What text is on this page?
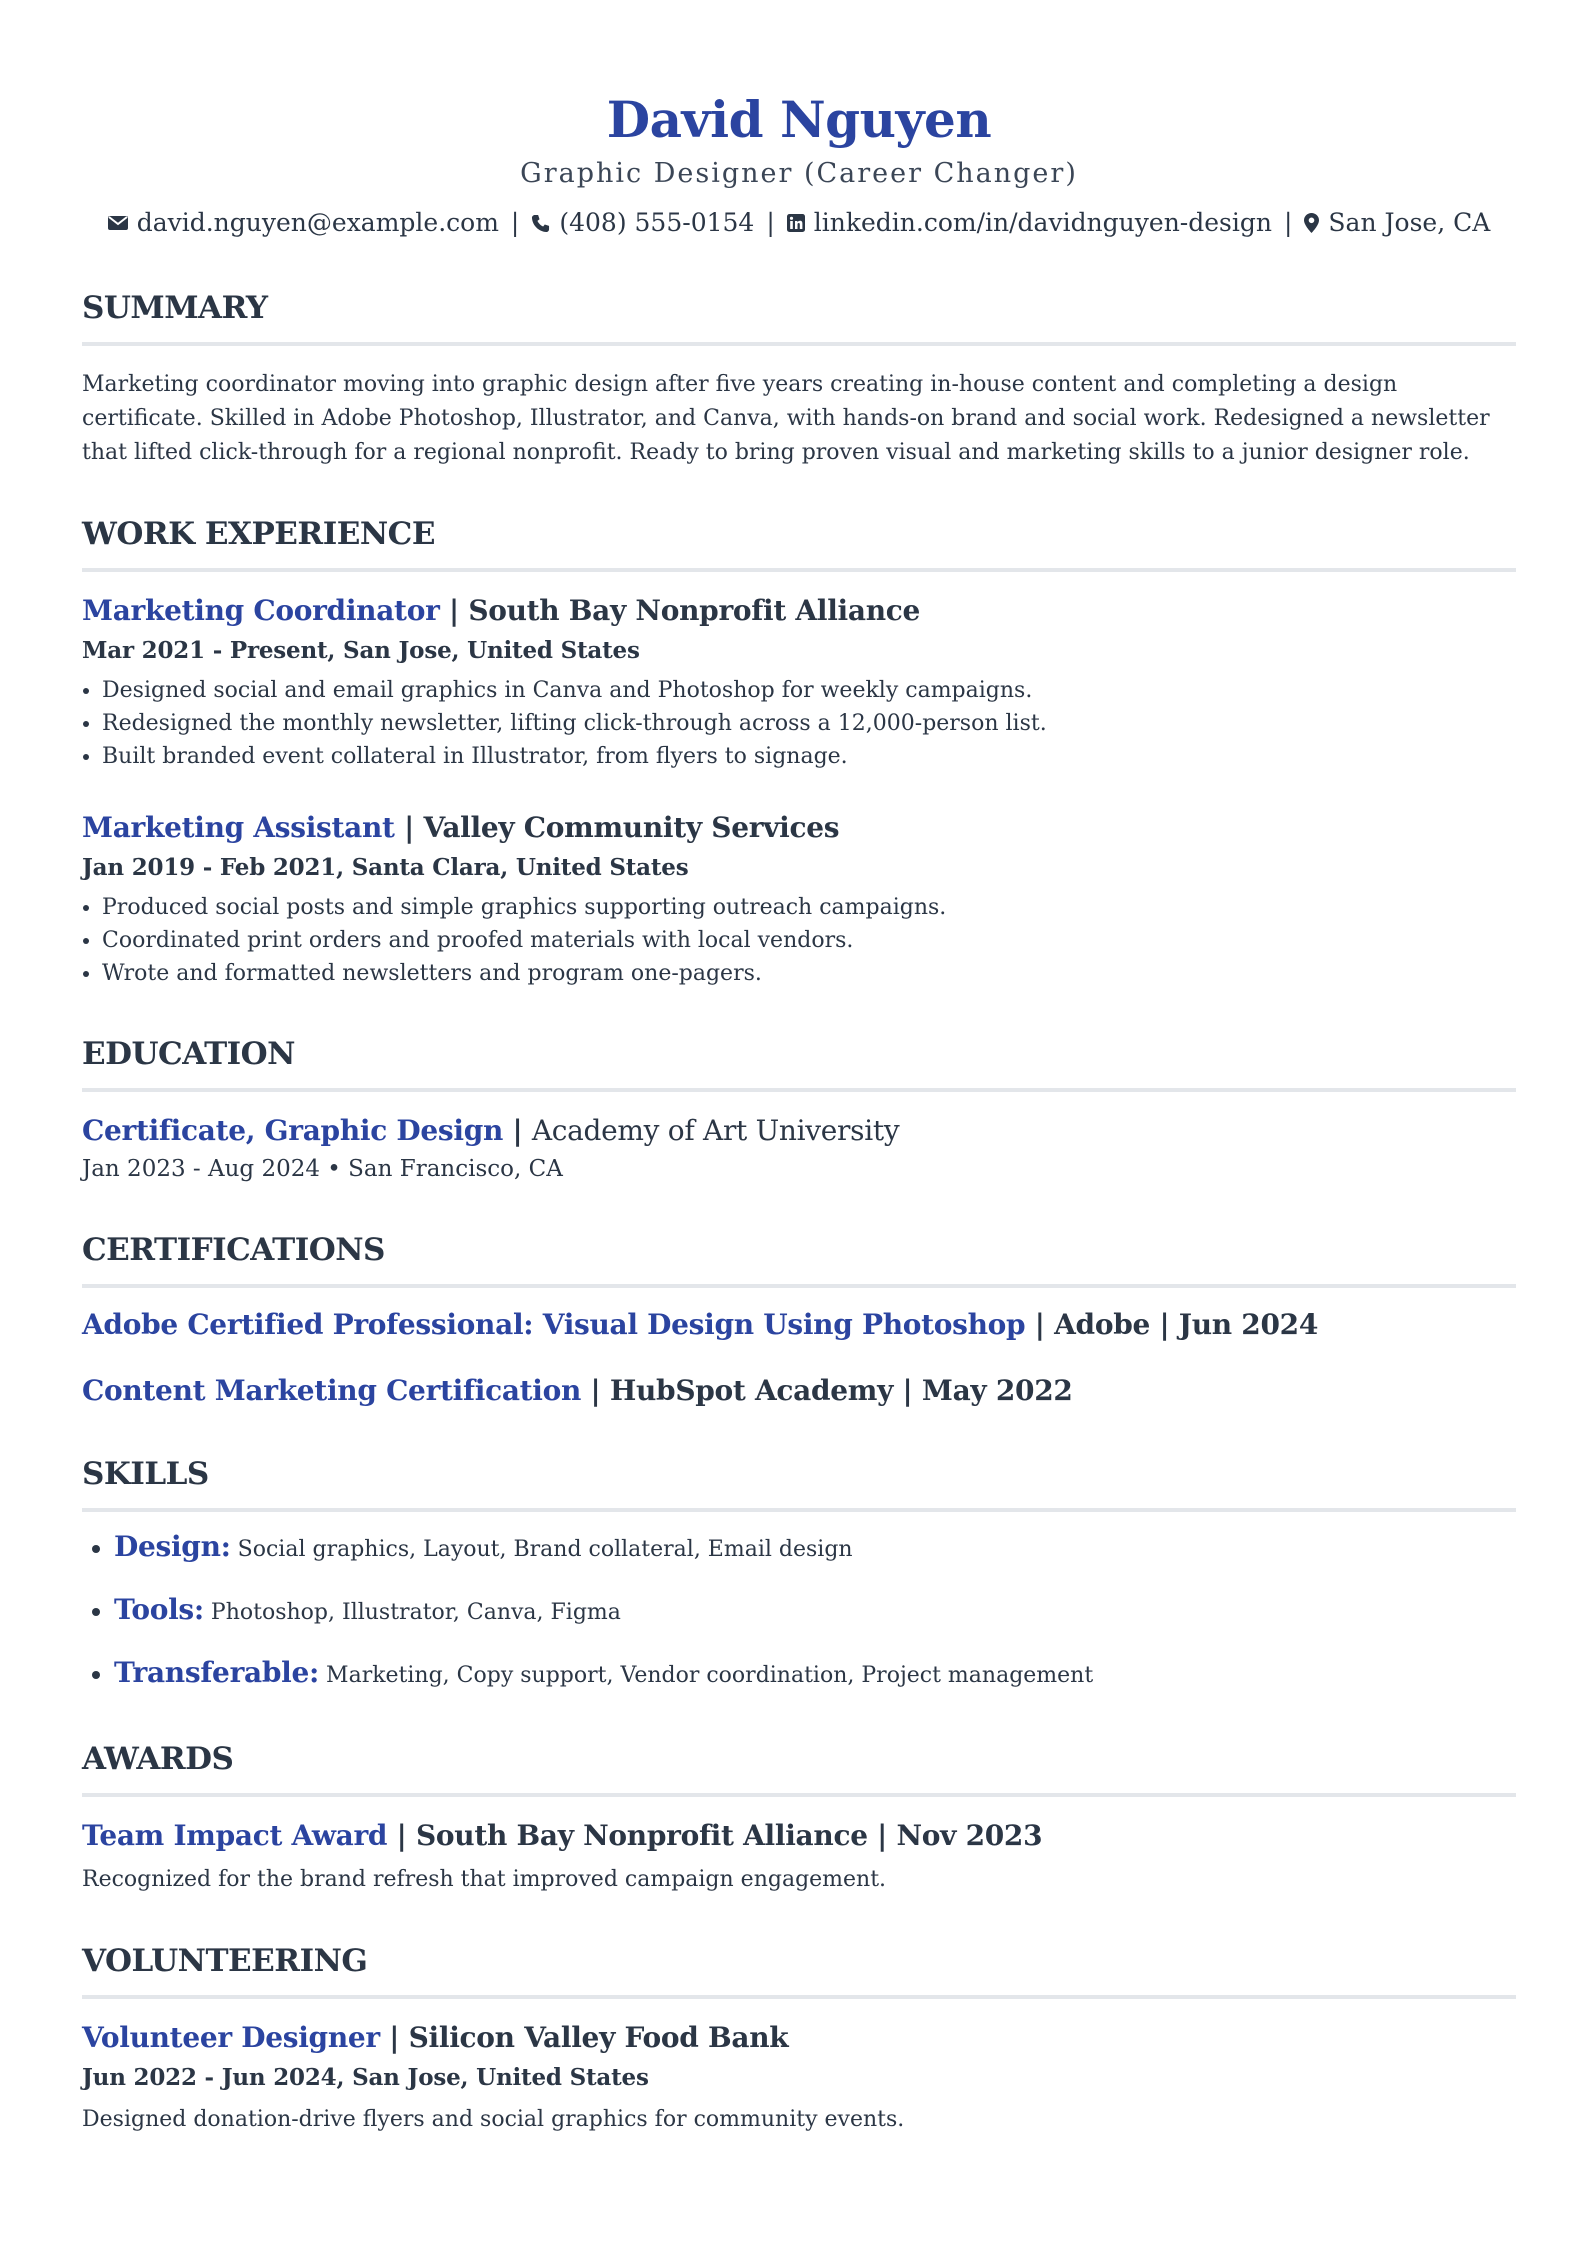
David Nguyen
Graphic Designer (Career Changer)
david.nguyen@example.com | (408) 555-0154 | linkedin.com/in/davidnguyen-design | San Jose, CA
SUMMARY

Marketing coordinator moving into graphic design after five years creating in-house content and completing a design certificate. Skilled in Adobe Photoshop, Illustrator, and Canva, with hands-on brand and social work. Redesigned a newsletter that lifted click-through for a regional nonprofit. Ready to bring proven visual and marketing skills to a junior designer role.

WORK EXPERIENCE
Marketing Coordinator | South Bay Nonprofit Alliance
Mar 2021 - Present, San Jose, United States
• Designed social and email graphics in Canva and Photoshop for weekly campaigns.
• Redesigned the monthly newsletter, lifting click-through across a 12,000-person list.
• Built branded event collateral in Illustrator, from flyers to signage.
Marketing Assistant | Valley Community Services
Jan 2019 - Feb 2021, Santa Clara, United States
• Produced social posts and simple graphics supporting outreach campaigns.
• Coordinated print orders and proofed materials with local vendors.
• Wrote and formatted newsletters and program one-pagers.
EDUCATION
Certificate, Graphic Design | Academy of Art University
Jan 2023 - Aug 2024 • San Francisco, CA
CERTIFICATIONS
Adobe Certified Professional: Visual Design Using Photoshop | Adobe | Jun 2024
Content Marketing Certification | HubSpot Academy | May 2022
SKILLS
• Design: Social graphics, Layout, Brand collateral, Email design
• Tools: Photoshop, Illustrator, Canva, Figma
• Transferable: Marketing, Copy support, Vendor coordination, Project management
AWARDS
Team Impact Award | South Bay Nonprofit Alliance | Nov 2023

Recognized for the brand refresh that improved campaign engagement.

VOLUNTEERING
Volunteer Designer | Silicon Valley Food Bank
Jun 2022 - Jun 2024, San Jose, United States

Designed donation-drive flyers and social graphics for community events.
